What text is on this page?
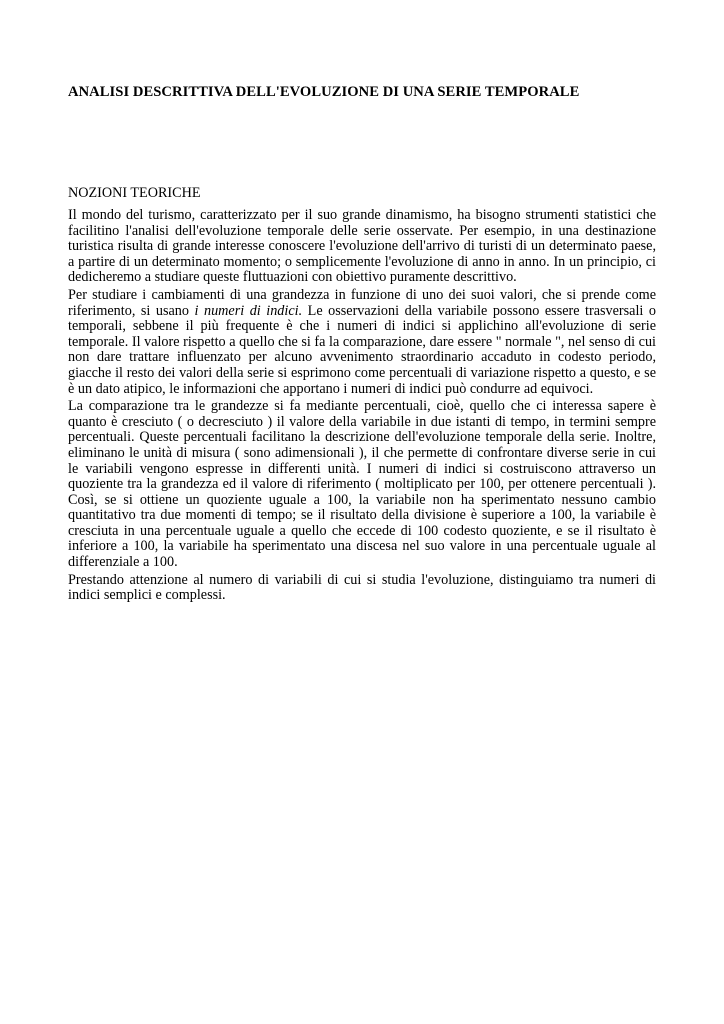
ANALISI DESCRITTIVA DELL'EVOLUZIONE DI UNA SERIE TEMPORALE
NOZIONI TEORICHE

Il mondo del turismo, caratterizzato per il suo grande dinamismo, ha bisogno strumenti statistici che facilitino l'analisi dell'evoluzione temporale delle serie osservate. Per esempio, in una destinazione turistica risulta di grande interesse conoscere l'evoluzione dell'arrivo di turisti di un determinato paese, a partire di un determinato momento; o semplicemente l'evoluzione di anno in anno. In un principio, ci dedicheremo a studiare queste fluttuazioni con obiettivo puramente descrittivo.

Per studiare i cambiamenti di una grandezza in funzione di uno dei suoi valori, che si prende come riferimento, si usano i numeri di indici. Le osservazioni della variabile possono essere trasversali o temporali, sebbene il più frequente è che i numeri di indici si applichino all'evoluzione di serie temporale. Il valore rispetto a quello che si fa la comparazione, dare essere " normale ", nel senso di cui non dare trattare influenzato per alcuno avvenimento straordinario accaduto in codesto periodo, giacche il resto dei valori della serie si esprimono come percentuali di variazione rispetto a questo, e se è un dato atipico, le informazioni che apportano i numeri di indici può condurre ad equivoci.

La comparazione tra le grandezze si fa mediante percentuali, cioè, quello che ci interessa sapere è quanto è cresciuto ( o decresciuto ) il valore della variabile in due istanti di tempo, in termini sempre percentuali. Queste percentuali facilitano la descrizione dell'evoluzione temporale della serie. Inoltre, eliminano le unità di misura ( sono adimensionali ), il che permette di confrontare diverse serie in cui le variabili vengono espresse in differenti unità. I numeri di indici si costruiscono attraverso un quoziente tra la grandezza ed il valore di riferimento ( moltiplicato per 100, per ottenere percentuali ). Così, se si ottiene un quoziente uguale a 100, la variabile non ha sperimentato nessuno cambio quantitativo tra due momenti di tempo; se il risultato della divisione è superiore a 100, la variabile è cresciuta in una percentuale uguale a quello che eccede di 100 codesto quoziente, e se il risultato è inferiore a 100, la variabile ha sperimentato una discesa nel suo valore in una percentuale uguale al differenziale a 100.

Prestando attenzione al numero di variabili di cui si studia l'evoluzione, distinguiamo tra numeri di indici semplici e complessi.
